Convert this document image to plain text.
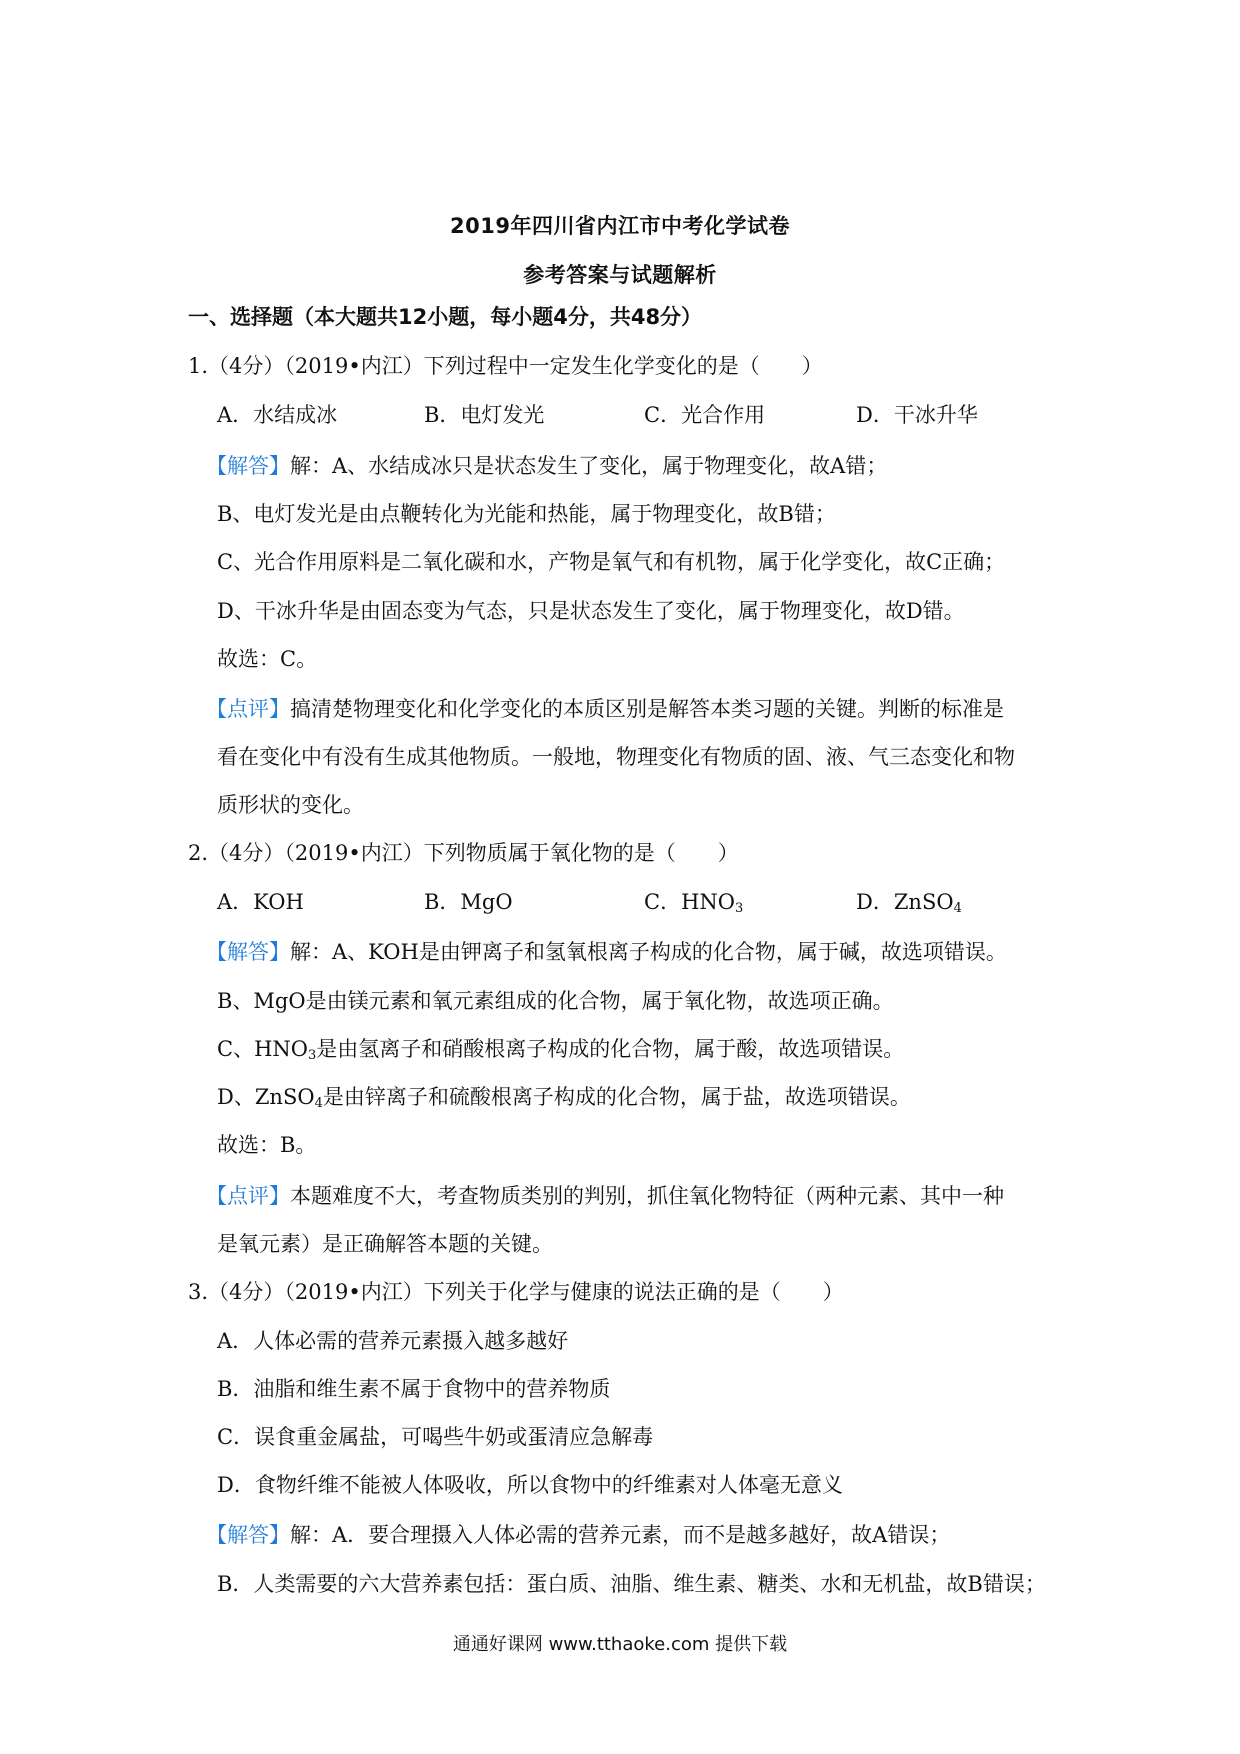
2019年四川省内江市中考化学试卷
参考答案与试题解析
一、选择题（本大题共12小题，每小题4分，共48分）
1.（4分）（2019•内江）下列过程中一定发生化学变化的是（　　）
A．水结成冰	B．电灯发光	C．光合作用	D．干冰升华
【解答】解：A、水结成冰只是状态发生了变化，属于物理变化，故A错；
B、电灯发光是由点鞭转化为光能和热能，属于物理变化，故B错；
C、光合作用原料是二氧化碳和水，产物是氧气和有机物，属于化学变化，故C正确；
D、干冰升华是由固态变为气态，只是状态发生了变化，属于物理变化，故D错。
故选：C。
【点评】搞清楚物理变化和化学变化的本质区别是解答本类习题的关键。判断的标准是
看在变化中有没有生成其他物质。一般地，物理变化有物质的固、液、气三态变化和物
质形状的变化。
2.（4分）（2019•内江）下列物质属于氧化物的是（　　）
A．KOH	B．MgO	C．$HNO_3$	D．ZnSO$_4$
【解答】解：A、KOH是由钾离子和氢氧根离子构成的化合物，属于碱，故选项错误。
B、MgO是由镁元素和氧元素组成的化合物，属于氧化物，故选项正确。
C、$HNO_3$是由氢离子和硝酸根离子构成的化合物，属于酸，故选项错误。
D、ZnSO$_4$是由锌离子和硫酸根离子构成的化合物，属于盐，故选项错误。
故选：B。
【点评】本题难度不大，考查物质类别的判别，抓住氧化物特征（两种元素、其中一种
是氧元素）是正确解答本题的关键。
3.（4分）（2019•内江）下列关于化学与健康的说法正确的是（　　）
A．人体必需的营养元素摄入越多越好
B．油脂和维生素不属于食物中的营养物质
C．误食重金属盐，可喝些牛奶或蛋清应急解毒
D．食物纤维不能被人体吸收，所以食物中的纤维素对人体毫无意义
【解答】解：A．要合理摄入人体必需的营养元素，而不是越多越好，故A错误；
B．人类需要的六大营养素包括：蛋白质、油脂、维生素、糖类、水和无机盐，故B错误；
通通好课网 www.tthaoke.com 提供下载
